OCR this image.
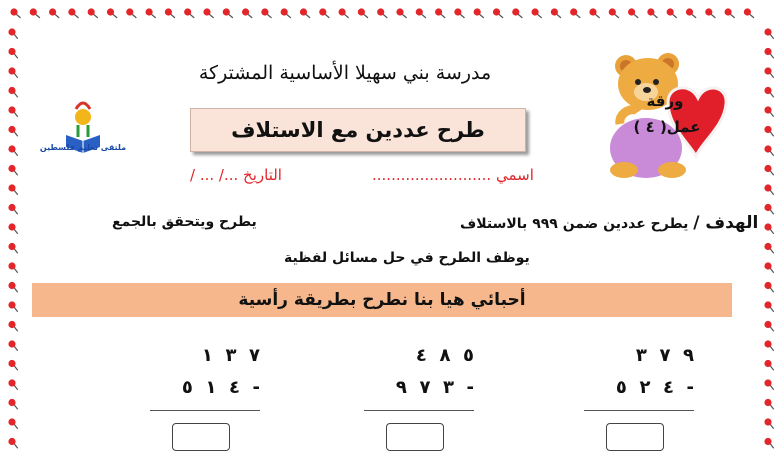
مدرسة بني سهيلا الأساسية المشتركة
طرح عددين مع الاستلاف
ملتقى تعليم فلسطين
ورقة
عمل( ٤ )
التاريخ .../ ... /	اسمي .........................
الهدف / يطرح عددين ضمن ٩٩٩ بالاستلاف
يطرح ويتحقق بالجمع
يوظف الطرح في حل مسائل لفظية
أحبائي هيا بنا نطرح بطريقة رأسية
٩  ٧  ٣
٤  ٢  ٥  -
٥  ٨  ٤
٣  ٧  ٩  -
٧  ٣  ١
٤  ١  ٥  -
